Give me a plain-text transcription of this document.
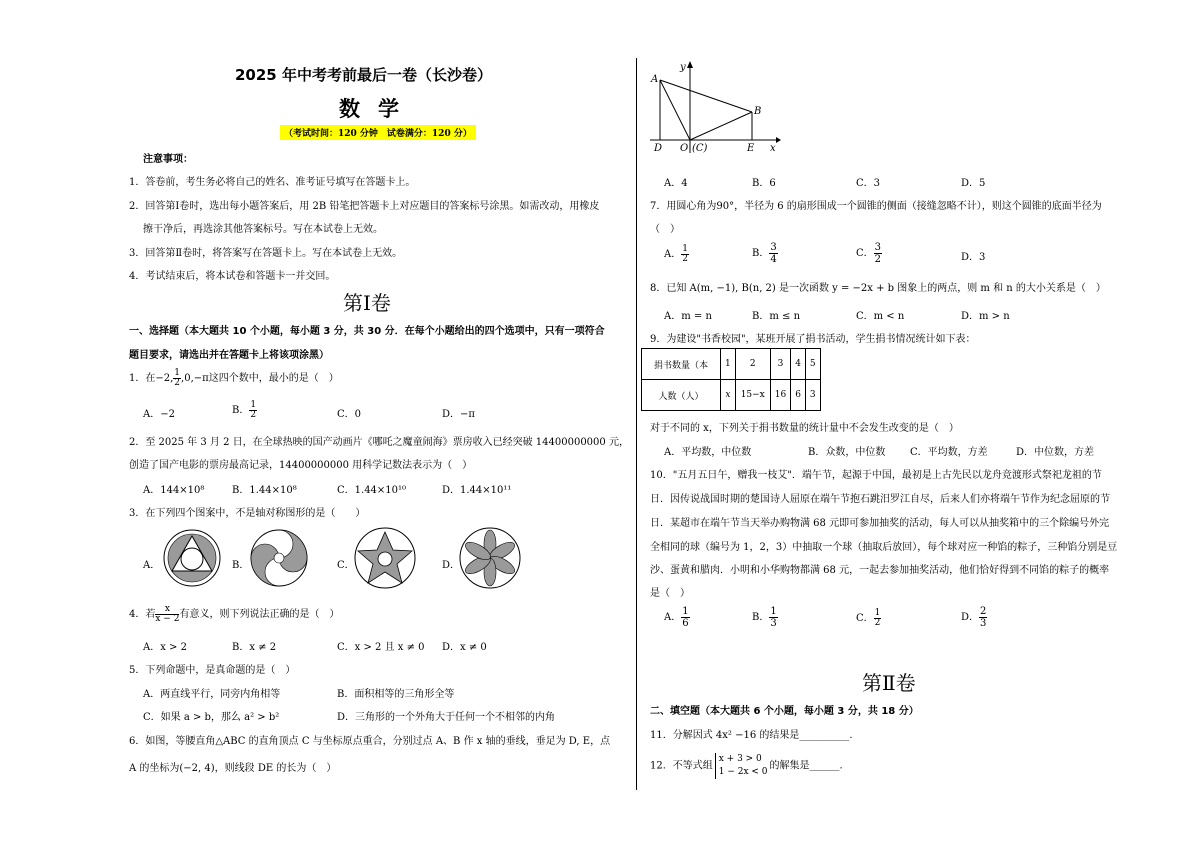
2025 年中考考前最后一卷（长沙卷）
数学
（考试时间：120 分钟　试卷满分：120 分）
注意事项：
1．答卷前，考生务必将自己的姓名、准考证号填写在答题卡上。
2．回答第Ⅰ卷时，选出每小题答案后，用 2B 铅笔把答题卡上对应题目的答案标号涂黑。如需改动，用橡皮
擦干净后，再选涂其他答案标号。写在本试卷上无效。
3．回答第Ⅱ卷时，将答案写在答题卡上。写在本试卷上无效。
4．考试结束后，将本试卷和答题卡一并交回。
第Ⅰ卷
一、选择题（本大题共 10 个小题，每小题 3 分，共 30 分．在每个小题给出的四个选项中，只有一项符合
题目要求，请选出并在答题卡上将该项涂黑）
1．在−2, $\frac{1}{2} ,0,-\pi$这四个数中，最小的是（　）
A．−2	B． $\frac{1}{2}$	C．0	D．−π
2．至 2025 年 3 月 2 日，在全球热映的国产动画片《哪吒之魔童闹海》票房收入已经突破 14400000000 元，
创造了国产电影的票房最高记录，14400000000 用科学记数法表示为（　）
A．144×10⁸	B．1.44×10⁸	C．1.44×10¹⁰	D．1.44×10¹¹
3．在下列四个图案中，不是轴对称图形的是（　　）
A．	B．	C．	D．
4．若 $\frac{x}{x - 2}$ 有意义，则下列说法正确的是（　）
A．x > 2	B．x ≠ 2	C．x > 2 且 x ≠ 0 D．x ≠ 0
5．下列命题中，是真命题的是（　）
A．两直线平行，同旁内角相等	B．面积相等的三角形全等
C．如果 a > b，那么 a² > b²	D．三角形的一个外角大于任何一个不相邻的内角
6．如图，等腰直角△ABC 的直角顶点 C 与坐标原点重合，分别过点 A、B 作 x 轴的垂线，垂足为 D, E，点
A 的坐标为(−2, 4)，则线段 DE 的长为（　）
A
B
D O (C)	E x
y
A．4	B．6	C．3	D．5
7．用圆心角为90°，半径为 6 的扇形围成一个圆锥的侧面（接缝忽略不计），则这个圆锥的底面半径为
（　）
A． $\frac{1}{2}$	B． $\frac{3}{4}$	C． $\frac{3}{2}$	D．3
8．已知 A(m, −1), B(n, 2) 是一次函数 y = −2x + b 图象上的两点，则 m 和 n 的大小关系是（　）
A．m = n	B．m ≤ n	C．m < n	D．m > n
9．为建设"书香校园"，某班开展了捐书活动，学生捐书情况统计如下表：
捐书数量（本	1	2	3	4	5
人数（人）	x	15−x	16	6	3
对于不同的 x，下列关于捐书数量的统计量中不会发生改变的是（　）
A．平均数，中位数	B．众数，中位数 C．平均数，方差	D．中位数，方差
10．"五月五日午，赠我一枝艾"．端午节，起源于中国，最初是上古先民以龙舟竞渡形式祭祀龙祖的节
日．因传说战国时期的楚国诗人屈原在端午节抱石跳汨罗江自尽，后来人们亦将端午节作为纪念屈原的节
日．某超市在端午节当天举办购物满 68 元即可参加抽奖的活动，每人可以从抽奖箱中的三个除编号外完
全相同的球（编号为 1，2，3）中抽取一个球（抽取后放回），每个球对应一种馅的粽子，三种馅分别是豆
沙、蛋黄和腊肉．小明和小华购物都满 68 元，一起去参加抽奖活动，他们恰好得到不同馅的粽子的概率
是（　）
A． $\frac{1}{6}$	B． $\frac{1}{3}$	C． $\frac{1}{2}$	D． $\frac{2}{3}$
第Ⅱ卷
二、填空题（本大题共 6 个小题，每小题 3 分，共 18 分）
11．分解因式 4x² −16 的结果是__________.
12．不等式组
x + 3 > 0
1 − 2x < 0
的解集是______.
